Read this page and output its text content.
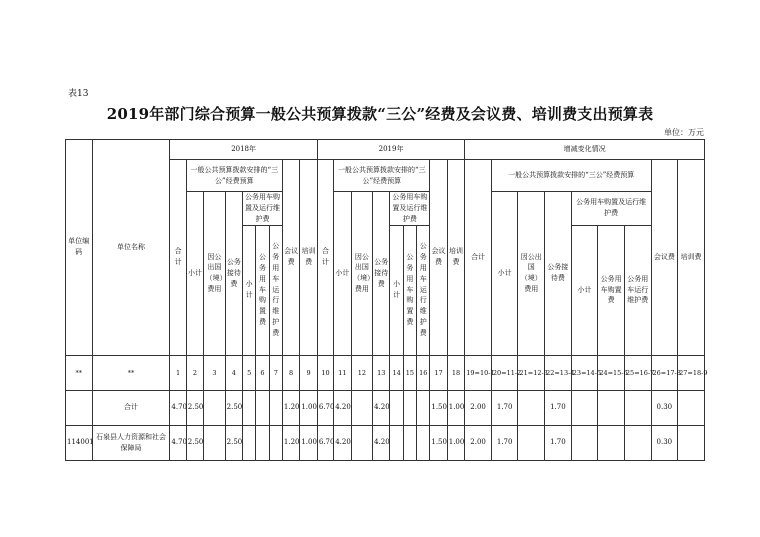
表13
2019年部门综合预算一般公共预算拨款“三公”经费及会议费、培训费支出预算表
单位：万元
单位编码	单位名称	2018年									2019年									增减变化情况								
		合计	一般公共预算拨款安排的“三公”经费预算						会议费	培训费	合计	一般公共预算拨款安排的“三公”经费预算						会议费	培训费	合计	一般公共预算拨款安排的“三公”经费预算						会议费	培训费
			小计	因公出国（境）费用	公务接待费	公务用车购置及运行维护费						小计	因公出国（境）费用	公务接待费	公务用车购置及运行维护费						小计	因公出国（境）费用	公务接待费	公务用车购置及运行维护费				
						小计	公务用车购置费	公务用车运行维护费							小计	公务用车购置费	公务用车运行维护费							小计	公务用车购置费	公务用车运行维护费		

**	**	1	2	3	4	5	6	7	8	9	10	11	12	13	14	15	16	17	18	19=10-1	20=11-2	21=12-3	22=13-4	23=14-5	24=15-6	25=16-7	26=17-8	27=18-9
	合计	4.70	2.50		2.50				1.20	1.00	6.70	4.20		4.20				1.50	1.00	2.00	1.70		1.70				0.30	
114001	石泉县人力资源和社会保障局	4.70	2.50		2.50				1.20	1.00	6.70	4.20		4.20				1.50	1.00	2.00	1.70		1.70				0.30	
